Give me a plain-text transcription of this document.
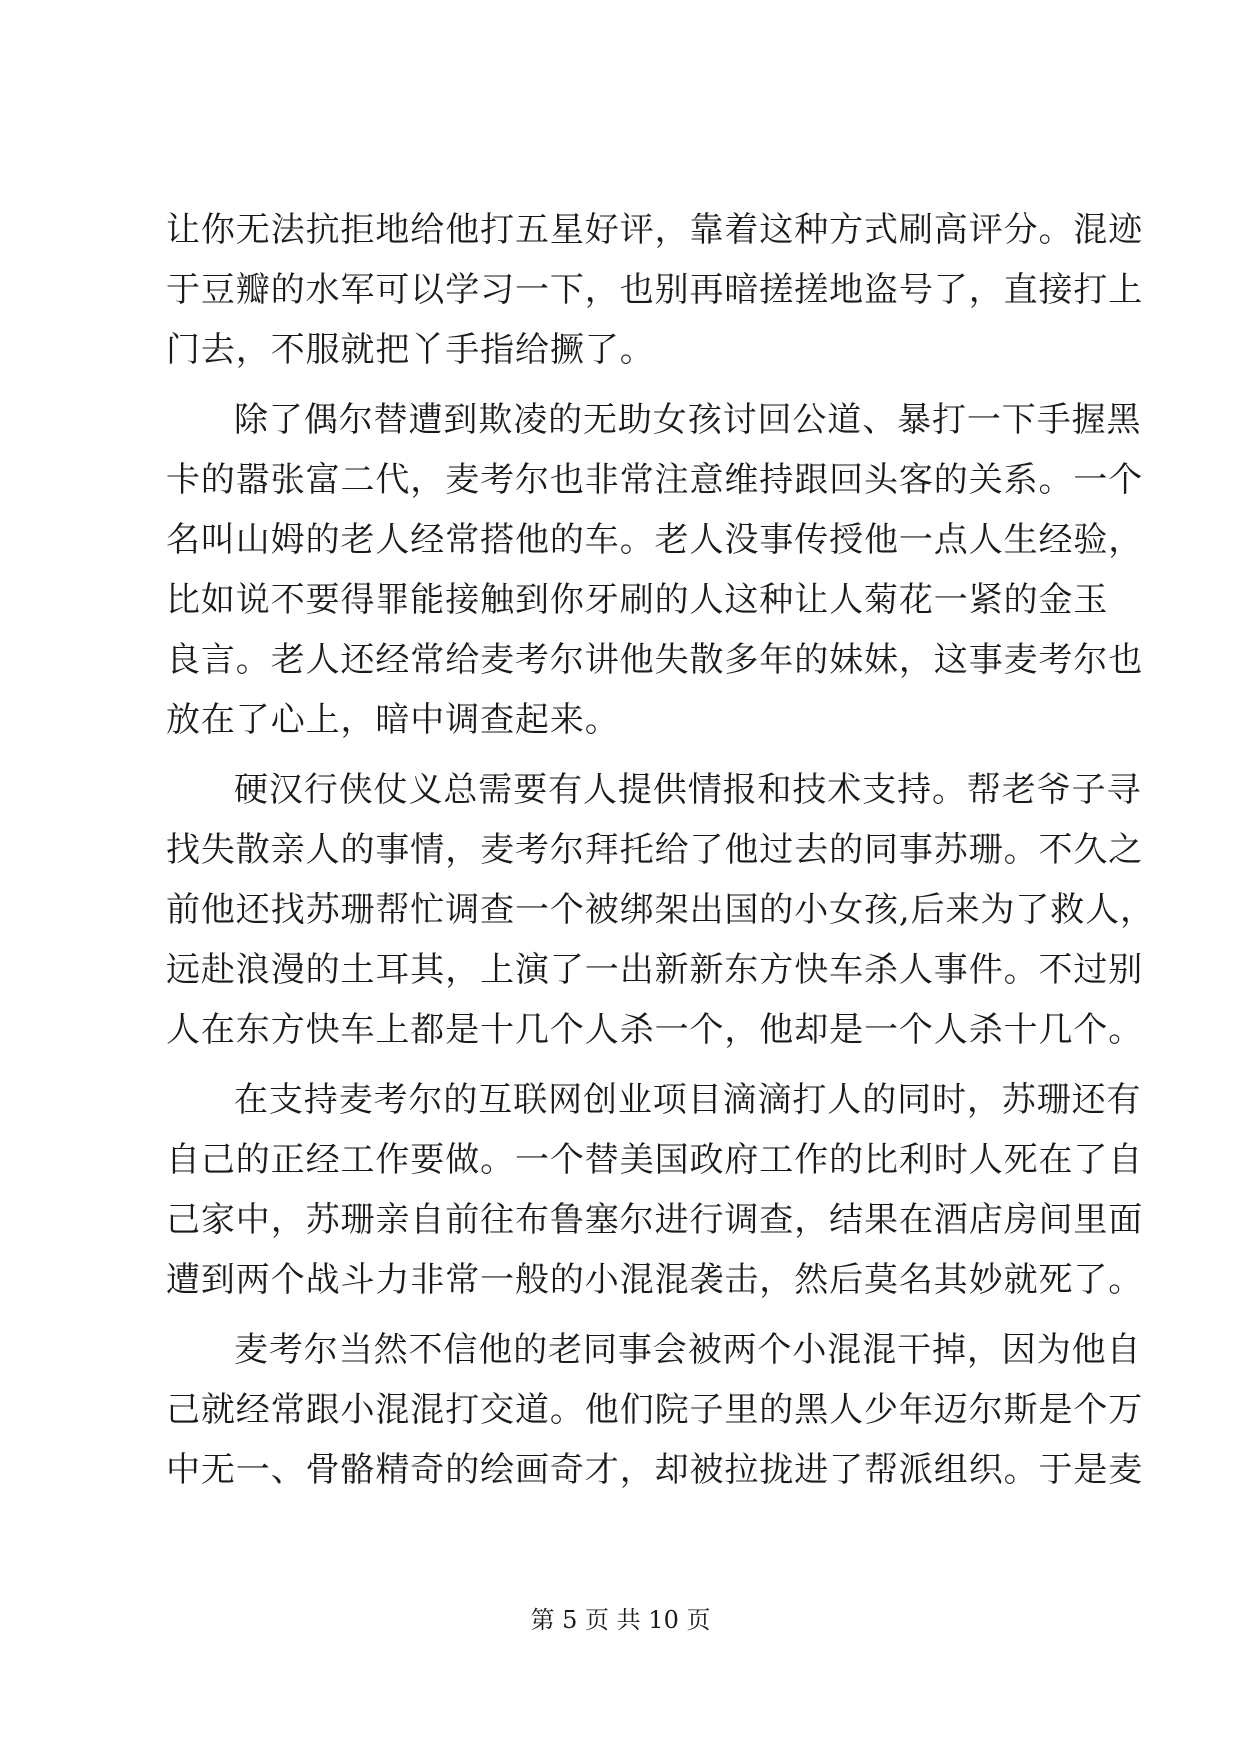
让你无法抗拒地给他打五星好评，靠着这种方式刷高评分。混迹
于豆瓣的水军可以学习一下，也别再暗搓搓地盗号了，直接打上
门去，不服就把丫手指给撅了。
除了偶尔替遭到欺凌的无助女孩讨回公道、暴打一下手握黑
卡的嚣张富二代，麦考尔也非常注意维持跟回头客的关系。一个
名叫山姆的老人经常搭他的车。老人没事传授他一点人生经验，
比如说不要得罪能接触到你牙刷的人这种让人菊花一紧的金玉
良言。老人还经常给麦考尔讲他失散多年的妹妹，这事麦考尔也
放在了心上，暗中调查起来。
硬汉行侠仗义总需要有人提供情报和技术支持。帮老爷子寻
找失散亲人的事情，麦考尔拜托给了他过去的同事苏珊。不久之
前他还找苏珊帮忙调查一个被绑架出国的小女孩,后来为了救人，
远赴浪漫的土耳其，上演了一出新新东方快车杀人事件。不过别
人在东方快车上都是十几个人杀一个，他却是一个人杀十几个。
在支持麦考尔的互联网创业项目滴滴打人的同时，苏珊还有
自己的正经工作要做。一个替美国政府工作的比利时人死在了自
己家中，苏珊亲自前往布鲁塞尔进行调查，结果在酒店房间里面
遭到两个战斗力非常一般的小混混袭击，然后莫名其妙就死了。
麦考尔当然不信他的老同事会被两个小混混干掉，因为他自
己就经常跟小混混打交道。他们院子里的黑人少年迈尔斯是个万
中无一、骨骼精奇的绘画奇才，却被拉拢进了帮派组织。于是麦
第 5 页 共 10 页
